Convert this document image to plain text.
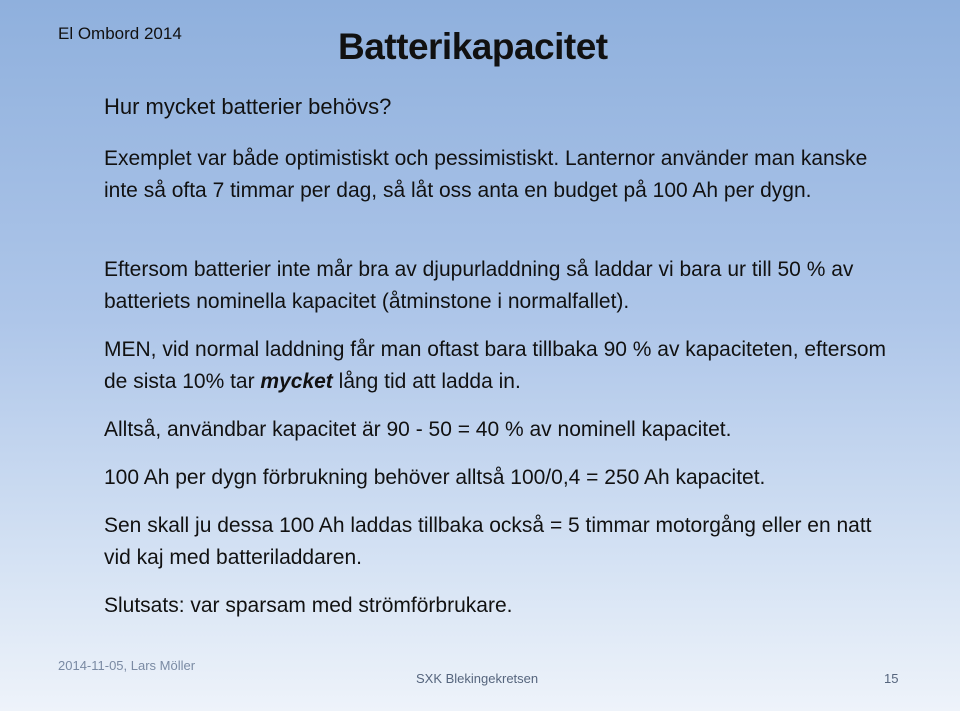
El Ombord 2014	Batterikapacitet
Hur mycket batterier behövs?

Exemplet var både optimistiskt och pessimistiskt. Lanternor använder man kanske inte så ofta 7 timmar per dag, så låt oss anta en budget på 100 Ah per dygn.

Eftersom batterier inte mår bra av djupurladdning så laddar vi bara ur till 50 % av batteriets nominella kapacitet (åtminstone i normalfallet).

MEN, vid normal laddning får man oftast bara tillbaka 90 % av kapaciteten, eftersom de sista 10% tar mycket lång tid att ladda in.

Alltså, användbar kapacitet är 90 - 50 = 40 % av nominell kapacitet.

100 Ah per dygn förbrukning behöver alltså 100/0,4 = 250 Ah kapacitet.

Sen skall ju dessa 100 Ah laddas tillbaka också = 5 timmar motorgång eller en natt vid kaj med batteriladdaren.

Slutsats: var sparsam med strömförbrukare.

2014-11-05, Lars Möller
SXK Blekingekretsen	15
